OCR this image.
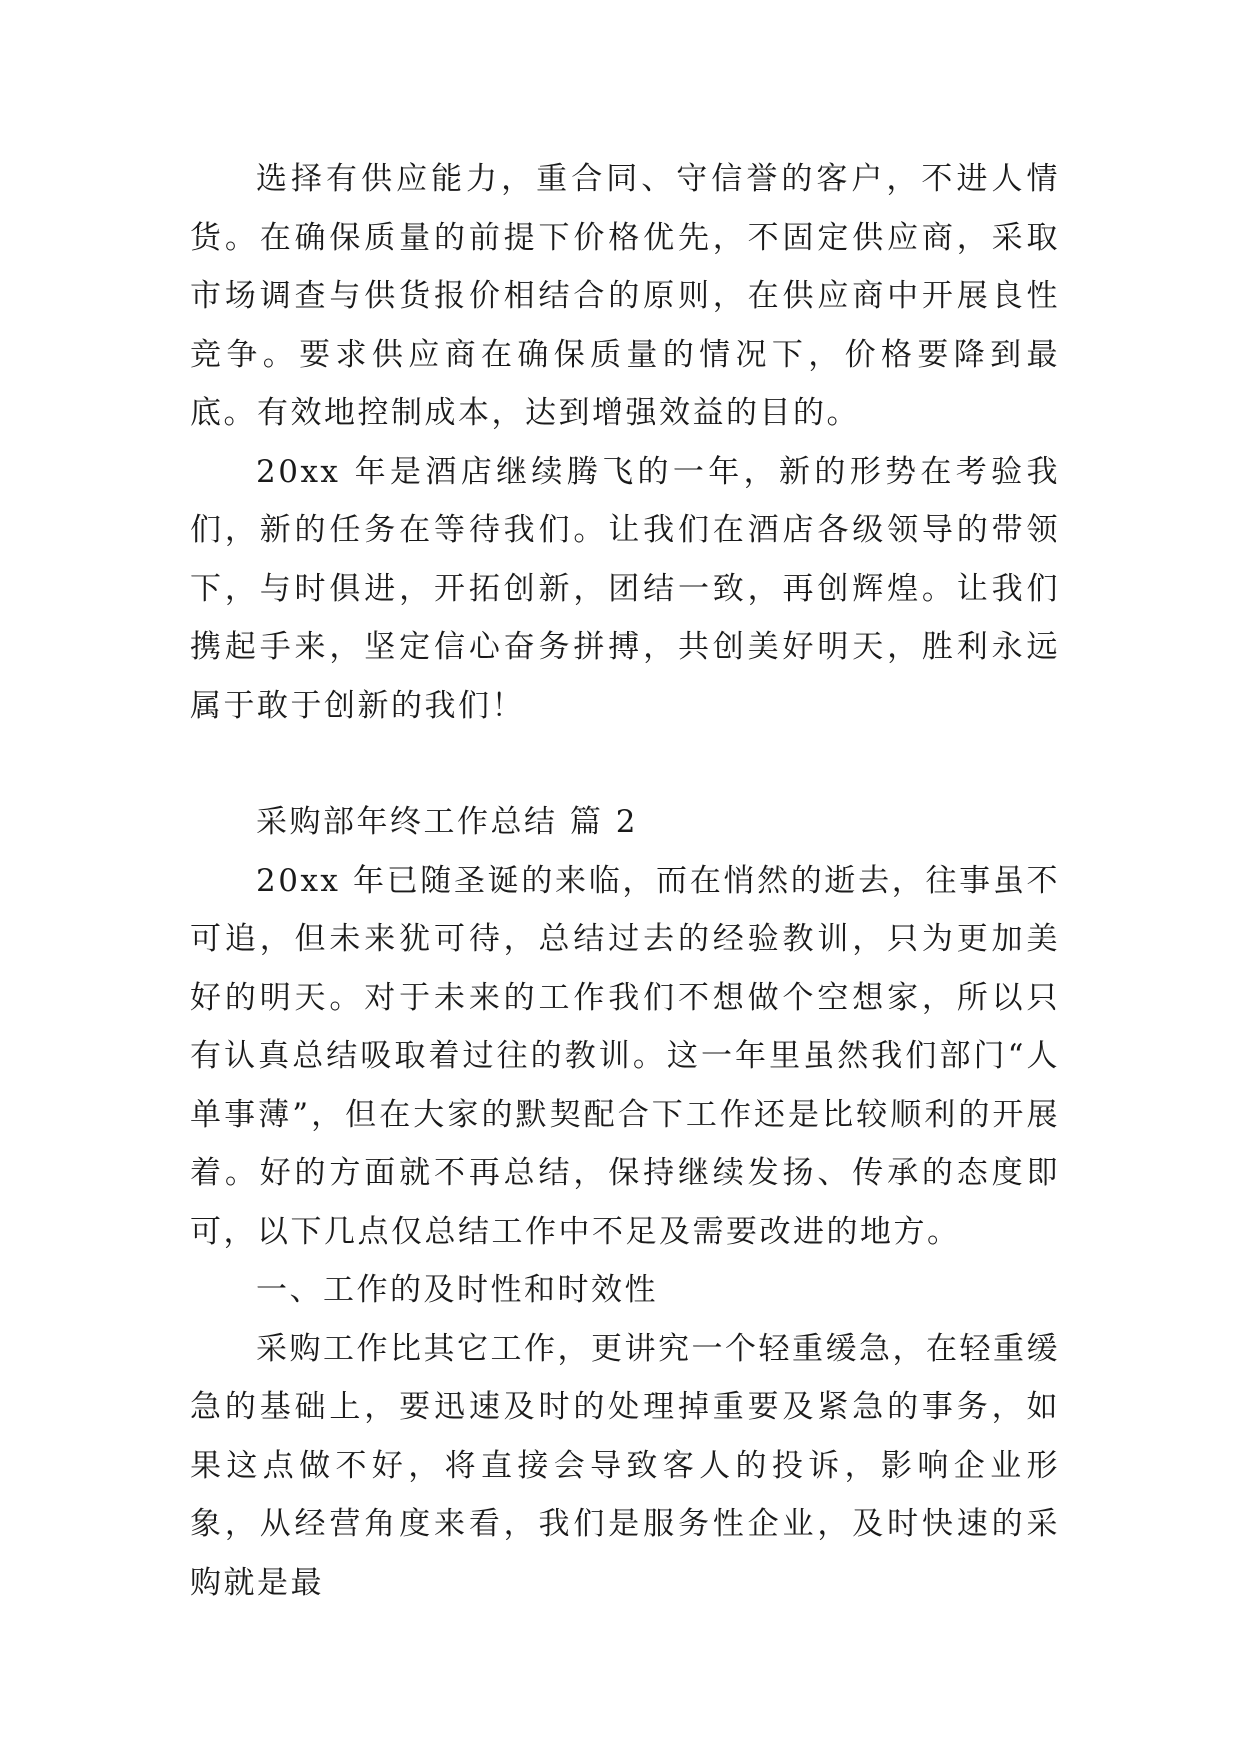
选择有供应能力，重合同、守信誉的客户，不进人情货。在确保质量的前提下价格优先，不固定供应商，采取市场调查与供货报价相结合的原则，在供应商中开展良性竞争。要求供应商在确保质量的情况下，价格要降到最底。有效地控制成本，达到增强效益的目的。

20xx 年是酒店继续腾飞的一年，新的形势在考验我们，新的任务在等待我们。让我们在酒店各级领导的带领下，与时俱进，开拓创新，团结一致，再创辉煌。让我们携起手来，坚定信心奋务拼搏，共创美好明天，胜利永远属于敢于创新的我们！

采购部年终工作总结 篇 2

20xx 年已随圣诞的来临，而在悄然的逝去，往事虽不可追，但未来犹可待，总结过去的经验教训，只为更加美好的明天。对于未来的工作我们不想做个空想家，所以只有认真总结吸取着过往的教训。这一年里虽然我们部门“人单事薄”，但在大家的默契配合下工作还是比较顺利的开展着。好的方面就不再总结，保持继续发扬、传承的态度即可，以下几点仅总结工作中不足及需要改进的地方。

一、工作的及时性和时效性

采购工作比其它工作，更讲究一个轻重缓急，在轻重缓急的基础上，要迅速及时的处理掉重要及紧急的事务，如果这点做不好，将直接会导致客人的投诉，影响企业形象，从经营角度来看，我们是服务性企业，及时快速的采购就是最
